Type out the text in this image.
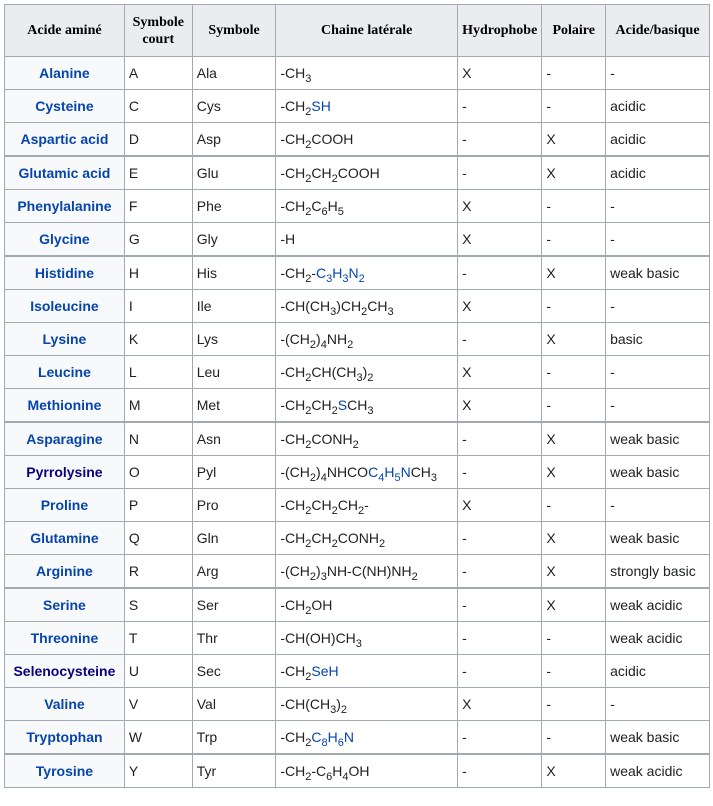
Acide aminé	Symbole court	Symbole	Chaine latérale	Hydrophobe	Polaire	Acide/basique
Alanine	A	Ala	$-CH_3$	X	-	-
Cysteine	C	Cys	$-CH_2SH$	-	-	acidic
Aspartic acid	D	Asp	$-CH_2COOH$	-	X	acidic
Glutamic acid	E	Glu	$-CH_2CH_2COOH$	-	X	acidic
Phenylalanine	F	Phe	$-CH_2C_6H_5$	X	-	-
Glycine	G	Gly	-H	X	-	-
Histidine	H	His	$-CH_2-C_3H_3N_2$	-	X	weak basic
Isoleucine	I	Ile	$-CH(CH_3)CH_2CH_3$	X	-	-
Lysine	K	Lys	$-(CH_2)_4NH_2$	-	X	basic
Leucine	L	Leu	$-CH_2CH(CH_3)_2$	X	-	-
Methionine	M	Met	$-CH_2CH_2SCH_3$	X	-	-
Asparagine	N	Asn	$-CH_2CONH_2$	-	X	weak basic
Pyrrolysine	O	Pyl	$-(CH_2)_4NHCOC_4H_5NCH_3$	-	X	weak basic
Proline	P	Pro	$-CH_2CH_2CH_2-$	X	-	-
Glutamine	Q	Gln	$-CH_2CH_2CONH_2$	-	X	weak basic
Arginine	R	Arg	$-(CH_2)_3NH-C(NH)NH_2$	-	X	strongly basic
Serine	S	Ser	$-CH_2OH$	-	X	weak acidic
Threonine	T	Thr	$-CH(OH)CH_3$	-	-	weak acidic
Selenocysteine	U	Sec	$-CH_2SeH$	-	-	acidic
Valine	V	Val	$-CH(CH_3)_2$	X	-	-
Tryptophan	W	Trp	$-CH_2C_8H_6N$	-	-	weak basic
Tyrosine	Y	Tyr	$-CH_2-C_6H_4OH$	-	X	weak acidic
